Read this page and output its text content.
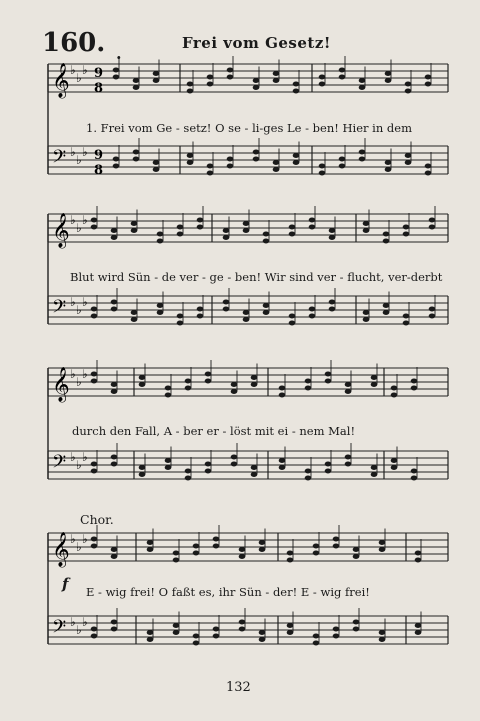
160. .
Frei vom Gesetz!
𝄞 ♭
♭
♭
𝄢 ♭
♭
♭
𝄞 ♭
♭
♭
𝄢 ♭
♭
♭
𝄞 ♭
♭
♭
𝄢 ♭
♭
♭
𝄞 ♭
♭
♭
𝄢 ♭
♭
♭
9
8
9
8
1. Frei vom Ge - setz! O se - li-ges Le - ben! Hier in dem
Blut wird Sün - de ver - ge - ben! Wir sind ver - flucht, ver-derbt
durch den Fall, A - ber er - löst mit ei - nem Mal!
Chor.
f E - wig frei! O faßt es, ihr Sün - der! E - wig frei!
132
